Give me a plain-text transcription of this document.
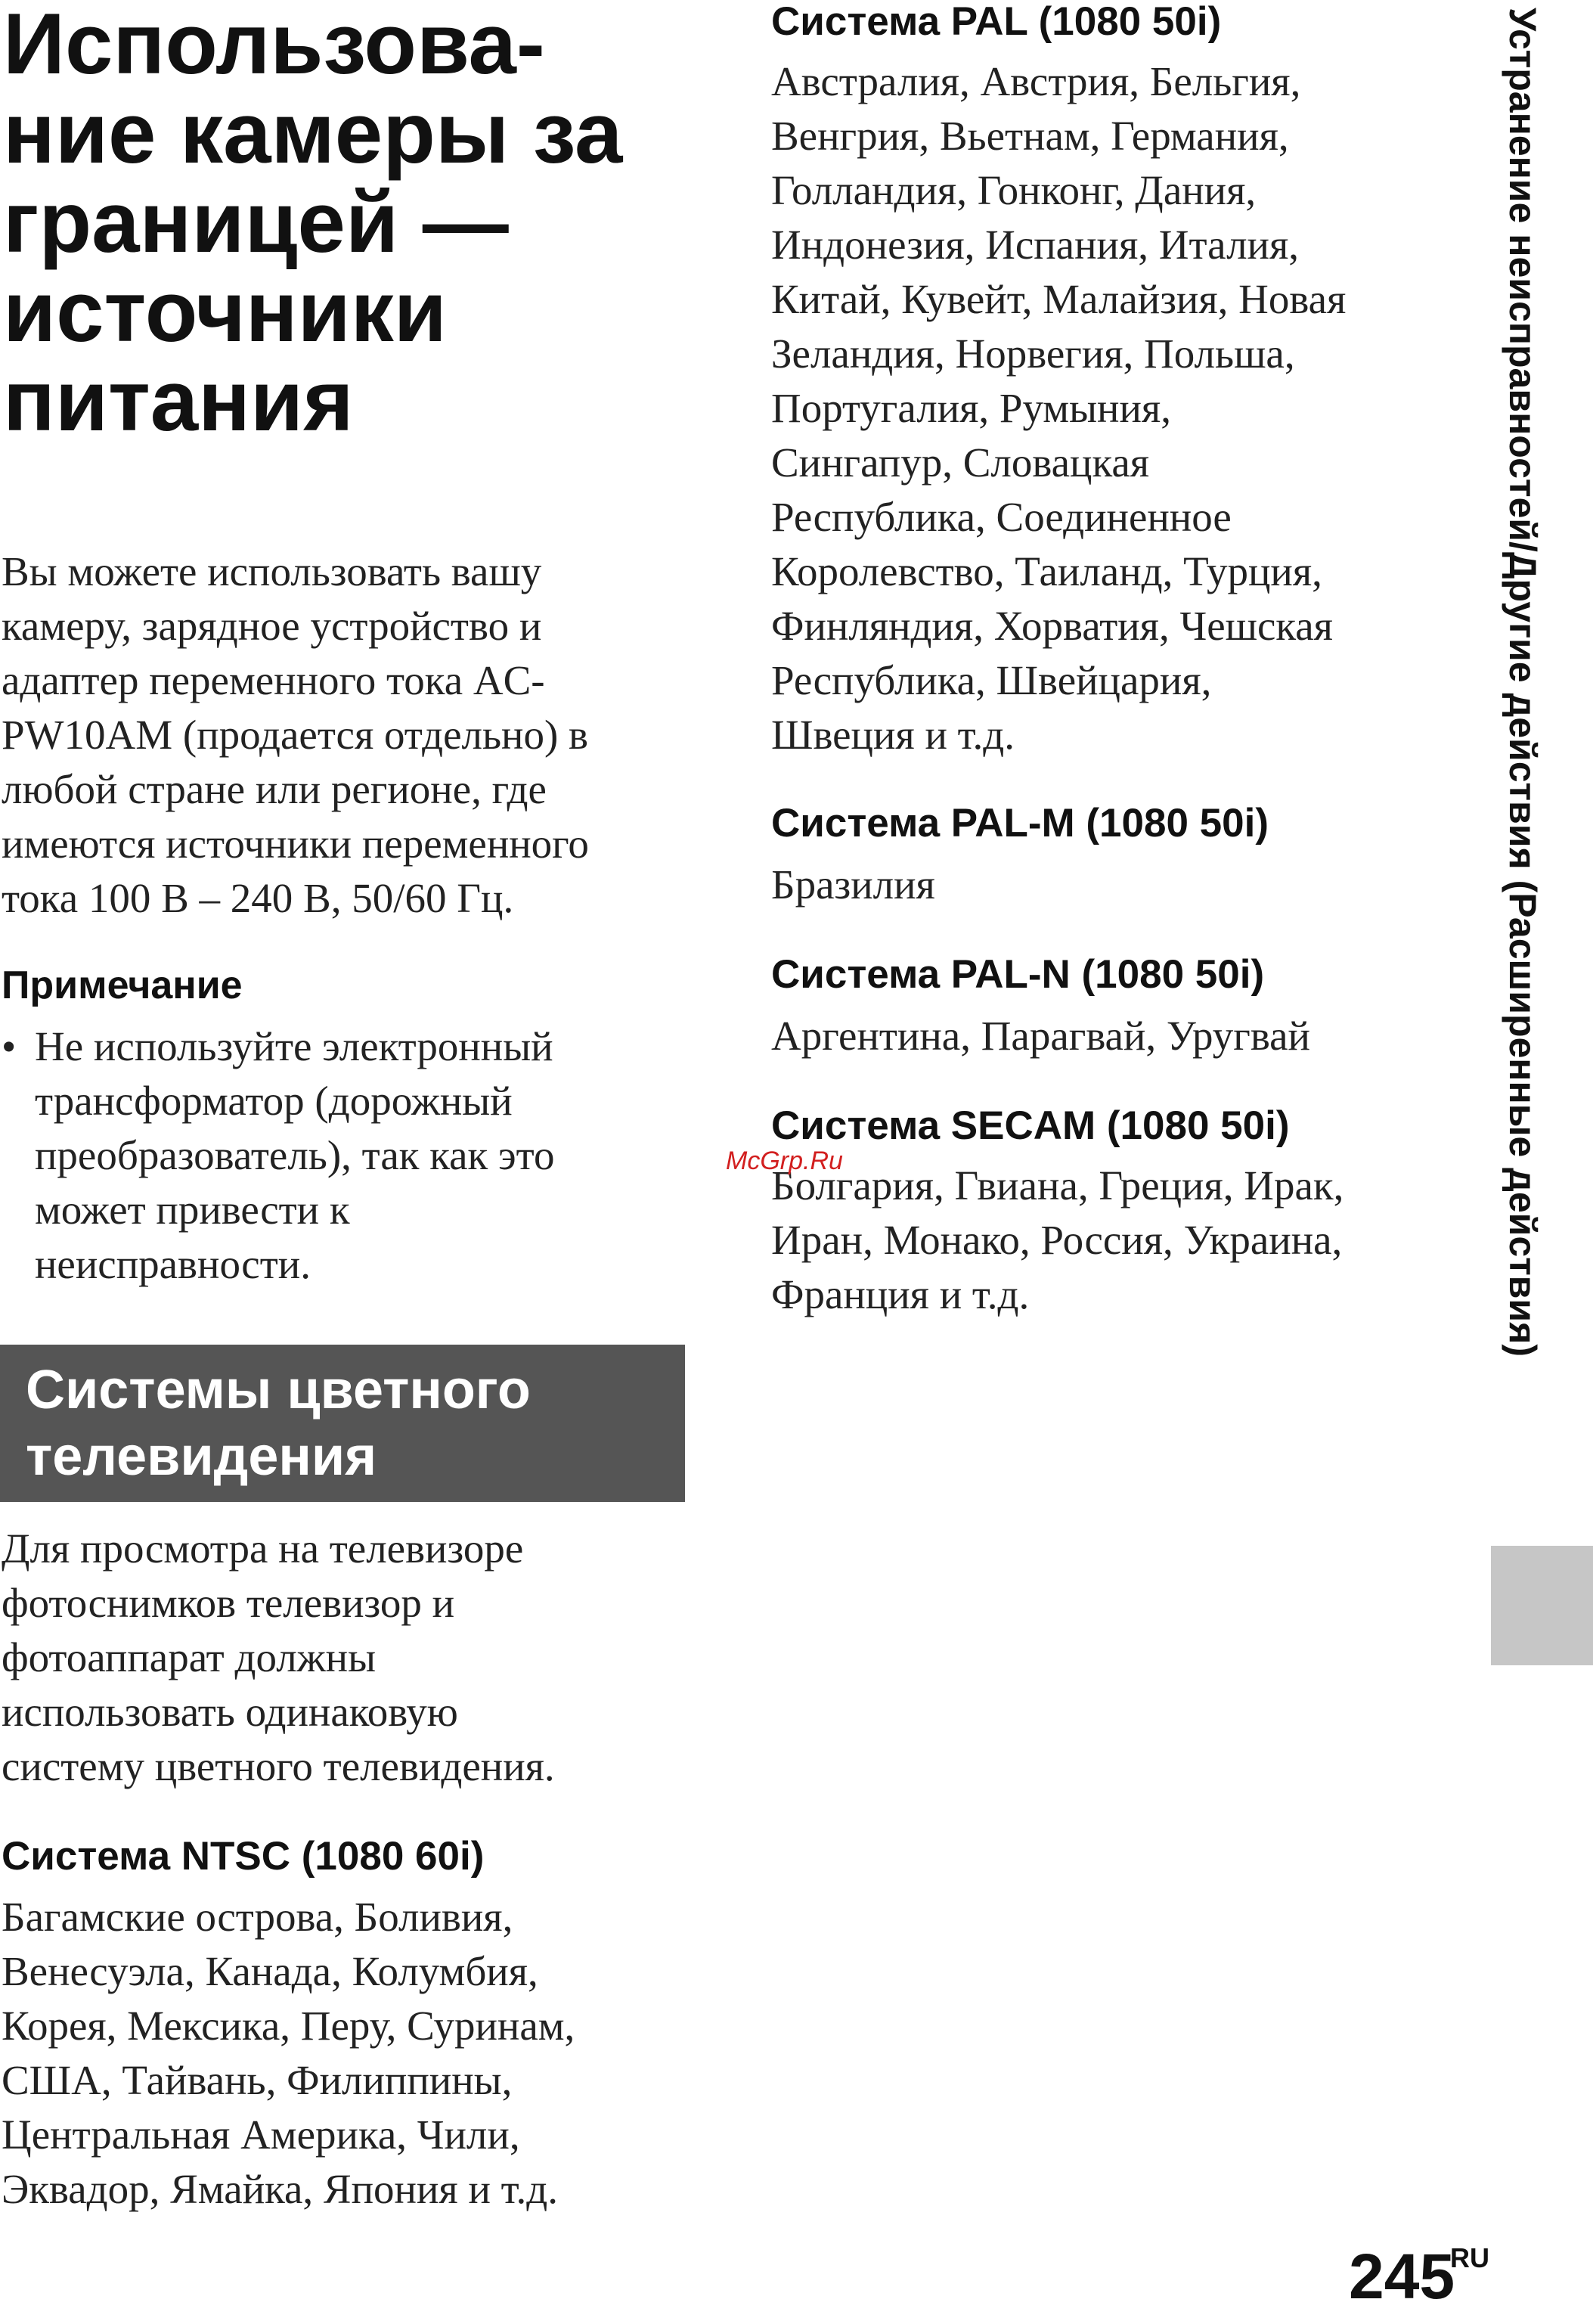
Использова-
ние камеры за
границей —
источники
питания

Вы можете использовать вашу
камеру, зарядное устройство и
адаптер переменного тока AC-
PW10AM (продается отдельно) в
любой стране или регионе, где
имеются источники переменного
тока 100 В – 240 В, 50/60 Гц.

Примечание
• Не используйте электронный
трансформатор (дорожный
преобразователь), так как это
может привести к
неисправности.
Системы цветного
телевидения

Для просмотра на телевизоре
фотоснимков телевизор и
фотоаппарат должны
использовать одинаковую
систему цветного телевидения.

Система NTSC (1080 60i)

Багамские острова, Боливия,
Венесуэла, Канада, Колумбия,
Корея, Мексика, Перу, Суринам,
США, Тайвань, Филиппины,
Центральная Америка, Чили,
Эквадор, Ямайка, Япония и т.д.

Система PAL (1080 50i)

Австралия, Австрия, Бельгия,
Венгрия, Вьетнам, Германия,
Голландия, Гонконг, Дания,
Индонезия, Испания, Италия,
Китай, Кувейт, Малайзия, Новая
Зеландия, Норвегия, Польша,
Португалия, Румыния,
Сингапур, Словацкая
Республика, Соединенное
Королевство, Таиланд, Турция,
Финляндия, Хорватия, Чешская
Республика, Швейцария,
Швеция и т.д.

Система PAL-M (1080 50i)

Бразилия

Система PAL-N (1080 50i)

Аргентина, Парагвай, Уругвай

Система SECAM (1080 50i)

Болгария, Гвиана, Греция, Ирак,
Иран, Монако, Россия, Украина,
Франция и т.д.

McGrp.Ru	Устранение неисправностей/Другие действия (Расширенные действия)
245
RU
